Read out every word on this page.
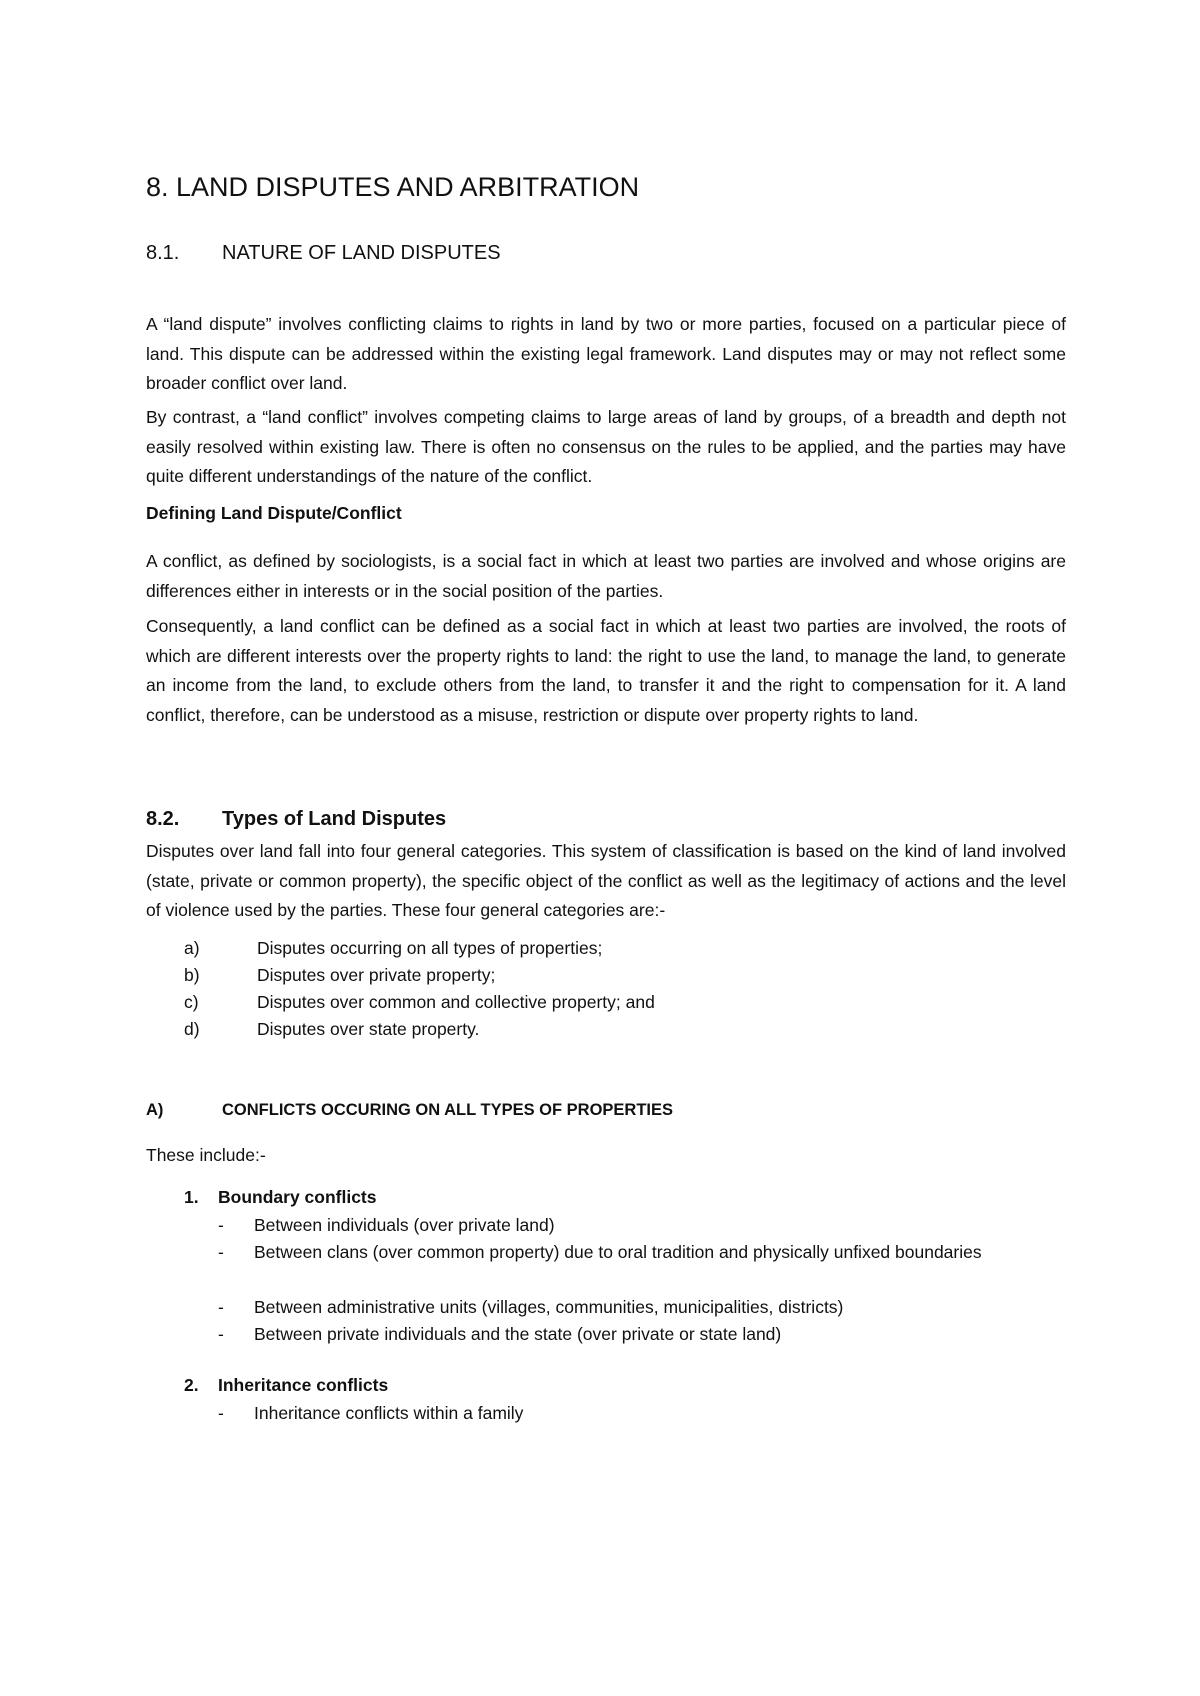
8. LAND DISPUTES AND ARBITRATION
8.1. NATURE OF LAND DISPUTES

A “land dispute” involves conflicting claims to rights in land by two or more parties, focused on a particular piece of land. This dispute can be addressed within the existing legal framework. Land disputes may or may not reflect some broader conflict over land.

By contrast, a “land conflict” involves competing claims to large areas of land by groups, of a breadth and depth not easily resolved within existing law. There is often no consensus on the rules to be applied, and the parties may have quite different understandings of the nature of the conflict.

Defining Land Dispute/Conflict

A conflict, as defined by sociologists, is a social fact in which at least two parties are involved and whose origins are differences either in interests or in the social position of the parties.

Consequently, a land conflict can be defined as a social fact in which at least two parties are involved, the roots of which are different interests over the property rights to land: the right to use the land, to manage the land, to generate an income from the land, to exclude others from the land, to transfer it and the right to compensation for it. A land conflict, therefore, can be understood as a misuse, restriction or dispute over property rights to land.

8.2. Types of Land Disputes

Disputes over land fall into four general categories. This system of classification is based on the kind of land involved (state, private or common property), the specific object of the conflict as well as the legitimacy of actions and the level of violence used by the parties. These four general categories are:-

a)	Disputes occurring on all types of properties;

b)	Disputes over private property;

c)	Disputes over common and collective property; and

d)	Disputes over state property.

A)	CONFLICTS OCCURING ON ALL TYPES OF PROPERTIES

These include:-

1. Boundary conflicts

- Between individuals (over private land)
- Between clans (over common property) due to oral tradition and physically unfixed boundaries
- Between administrative units (villages, communities, municipalities, districts)
- Between private individuals and the state (over private or state land)

2. Inheritance conflicts

- Inheritance conflicts within a family
